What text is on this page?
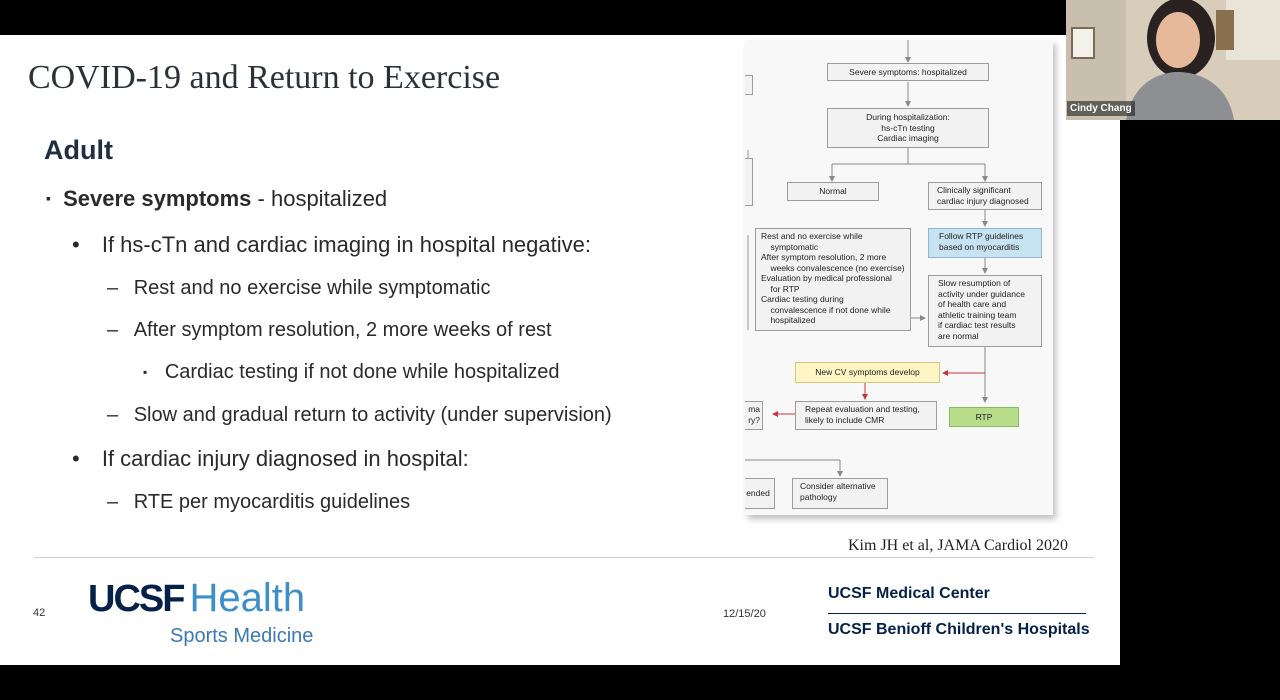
COVID-19 and Return to Exercise
Adult
▪ Severe symptoms - hospitalized
• If hs-cTn and cardiac imaging in hospital negative:
– Rest and no exercise while symptomatic
– After symptom resolution, 2 more weeks of rest
▪ Cardiac testing if not done while hospitalized
– Slow and gradual return to activity (under supervision)
• If cardiac injury diagnosed in hospital:
– RTE per myocarditis guidelines
Severe symptoms: hospitalized
During hospitalization:
hs-cTn testing
Cardiac imaging
Normal	Clinically significant
cardiac injury diagnosed
Rest and no exercise while
symptomatic
After symptom resolution, 2 more
weeks convalescence (no exercise)
Evaluation by medical professional
for RTP
Cardiac testing during
convalescence if not done while
hospitalized
Follow RTP guidelines
based on myocarditis
Slow resumption of
activity under guidance
of health care and
athletic training team
if cardiac test results
are normal
New CV symptoms develop
Repeat evaluation and testing,
likely to include CMR	RTP
ma
ry?
ended
Consider alternative
pathology
Kim JH et al, JAMA Cardiol 2020
42 UCSF Health
Sports Medicine
12/15/20
UCSF Medical Center
UCSF Benioff Children's Hospitals
Cindy Chang
